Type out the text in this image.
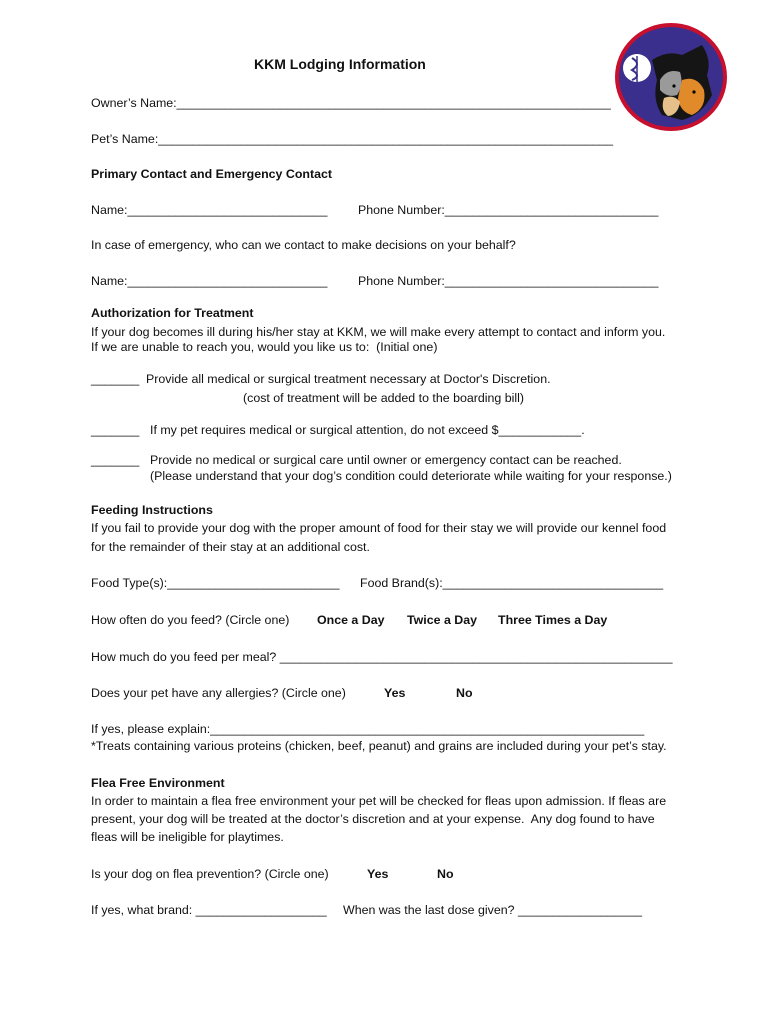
KKM Lodging Information
Owner’s Name:_______________________________________________________________
Pet’s Name:__________________________________________________________________
Primary Contact and Emergency Contact
Name:_____________________________ Phone Number:_______________________________
In case of emergency, who can we contact to make decisions on your behalf?
Name:_____________________________ Phone Number:_______________________________
Authorization for Treatment
If your dog becomes ill during his/her stay at KKM, we will make every attempt to contact and inform you.
If we are unable to reach you, would you like us to:  (Initial one)
_______ Provide all medical or surgical treatment necessary at Doctor's Discretion.
(cost of treatment will be added to the boarding bill)
_______ If my pet requires medical or surgical attention, do not exceed $____________.
_______ Provide no medical or surgical care until owner or emergency contact can be reached.
(Please understand that your dog’s condition could deteriorate while waiting for your response.)
Feeding Instructions
If you fail to provide your dog with the proper amount of food for their stay we will provide our kennel food
for the remainder of their stay at an additional cost.
Food Type(s):_________________________ Food Brand(s):________________________________
How often do you feed? (Circle one) Once a Day Twice a Day Three Times a Day
How much do you feed per meal? _________________________________________________________
Does your pet have any allergies? (Circle one)	Yes	No
If yes, please explain:_______________________________________________________________
*Treats containing various proteins (chicken, beef, peanut) and grains are included during your pet’s stay.
Flea Free Environment
In order to maintain a flea free environment your pet will be checked for fleas upon admission. If fleas are
present, your dog will be treated at the doctor’s discretion and at your expense.  Any dog found to have
fleas will be ineligible for playtimes.
Is your dog on flea prevention? (Circle one)	Yes	No
If yes, what brand: ___________________ When was the last dose given? __________________
